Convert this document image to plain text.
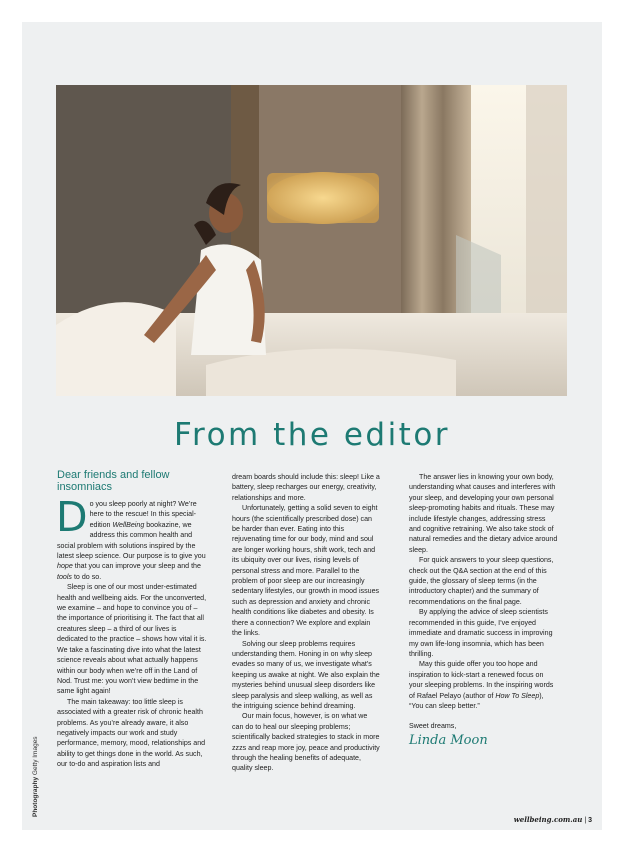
From the editor
Photography Getty Images
Dear friends and fellow insomniacs

Do you sleep poorly at night? We’re here to the rescue! In this special-edition WellBeing bookazine, we address this common health and social problem with solutions inspired by the latest sleep science. Our purpose is to give you hope that you can improve your sleep and the tools to do so.

Sleep is one of our most under-estimated health and wellbeing aids. For the unconverted, we examine – and hope to convince you of – the importance of prioritising it. The fact that all creatures sleep – a third of our lives is dedicated to the practice – shows how vital it is.

We take a fascinating dive into what the latest science reveals about what actually happens within our body when we’re off in the Land of Nod. Trust me: you won’t view bedtime in the same light again!

The main takeaway: too little sleep is associated with a greater risk of chronic health problems. As you’re already aware, it also negatively impacts our work and study performance, memory, mood, relationships and ability to get things done in the world. As such, our to-do and aspiration lists and

dream boards should include this: sleep! Like a battery, sleep recharges our energy, creativity, relationships and more.

Unfortunately, getting a solid seven to eight hours (the scientifically prescribed dose) can be harder than ever. Eating into this rejuvenating time for our body, mind and soul are longer working hours, shift work, tech and its ubiquity over our lives, rising levels of personal stress and more. Parallel to the problem of poor sleep are our increasingly sedentary lifestyles, our growth in mood issues such as depression and anxiety and chronic health conditions like diabetes and obesity. Is there a connection? We explore and explain the links.

Solving our sleep problems requires understanding them. Honing in on why sleep evades so many of us, we investigate what’s keeping us awake at night. We also explain the mysteries behind unusual sleep disorders like sleep paralysis and sleep walking, as well as the intriguing science behind dreaming.

Our main focus, however, is on what we can do to heal our sleeping problems; scientifically backed strategies to stack in more zzzs and reap more joy, peace and productivity through the healing benefits of adequate, quality sleep.

The answer lies in knowing your own body, understanding what causes and interferes with your sleep, and developing your own personal sleep-promoting habits and rituals. These may include lifestyle changes, addressing stress and cognitive retraining. We also take stock of natural remedies and the dietary advice around sleep.

For quick answers to your sleep questions, check out the Q&A section at the end of this guide, the glossary of sleep terms (in the introductory chapter) and the summary of recommendations on the final page.

By applying the advice of sleep scientists recommended in this guide, I’ve enjoyed immediate and dramatic success in improving my own life-long insomnia, which has been thrilling.

May this guide offer you too hope and inspiration to kick-start a renewed focus on your sleeping problems. In the inspiring words of Rafael Pelayo (author of How To Sleep), “You can sleep better.”

Sweet dreams,

Linda Moon
wellbeing.com.au | 3
